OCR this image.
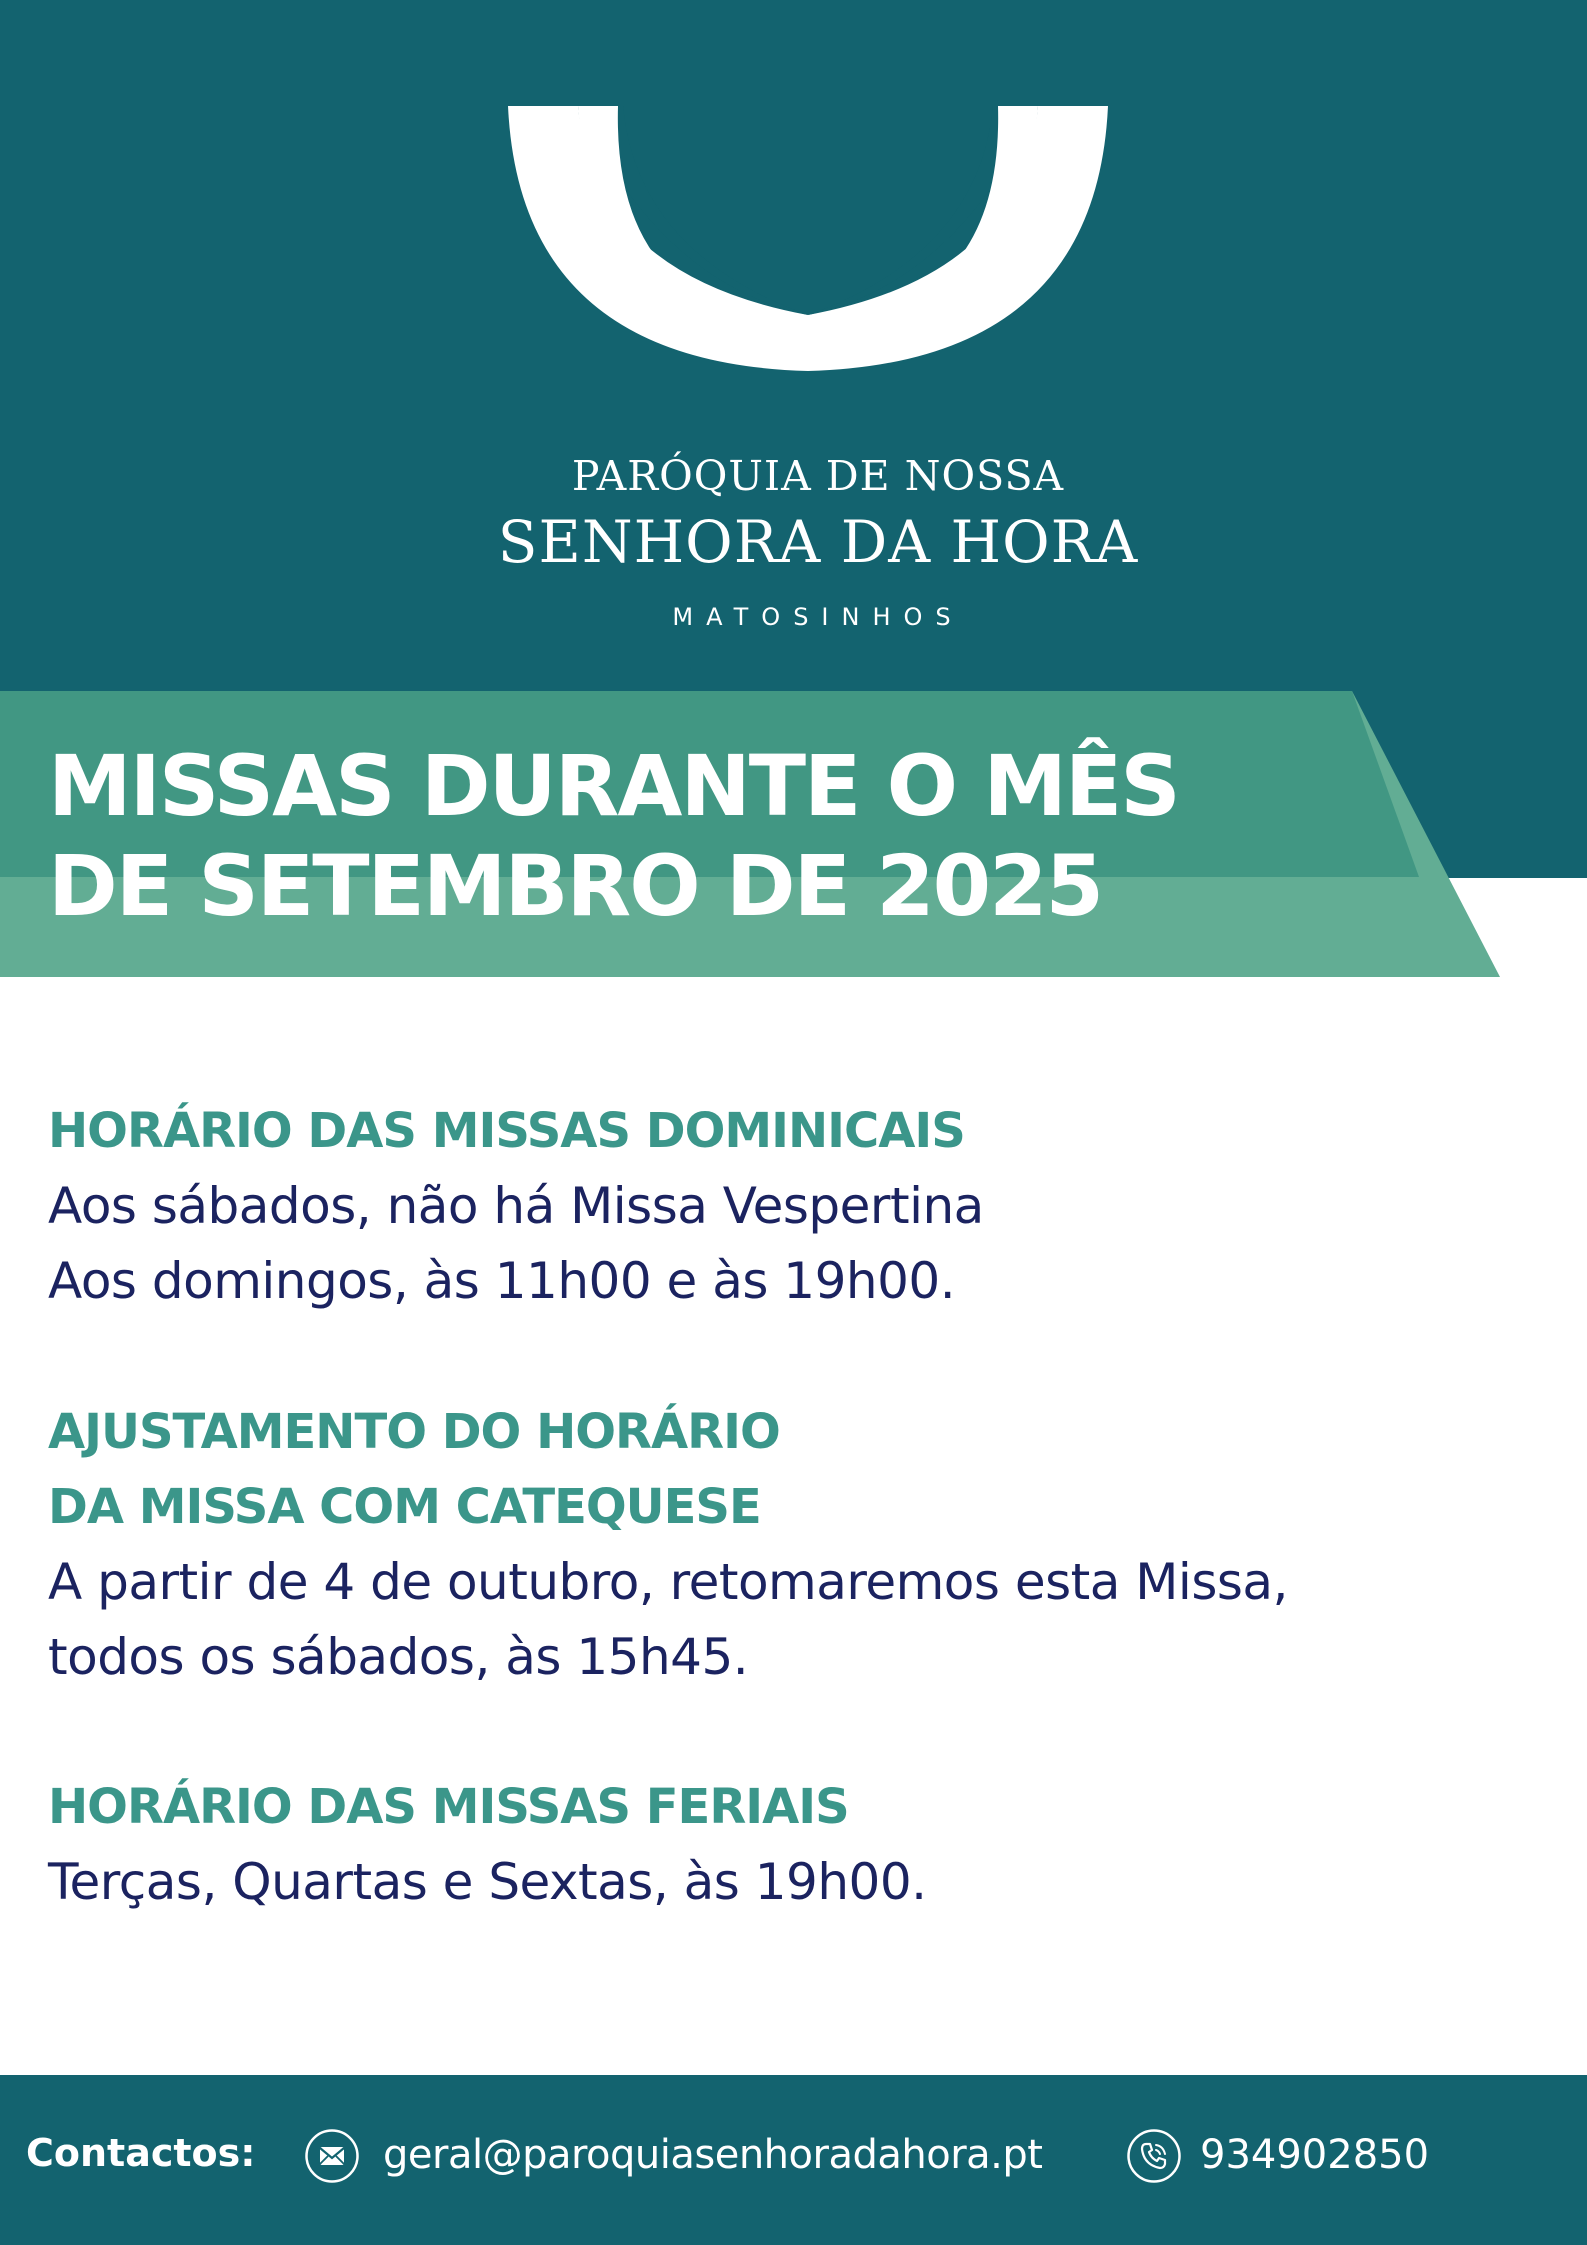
PARÓQUIA DE NOSSA
SENHORA DA HORA
MATOSINHOS
MISSAS DURANTE O MÊS
DE SETEMBRO DE 2025
HORÁRIO DAS MISSAS DOMINICAIS

Aos sábados, não há Missa Vespertina
Aos domingos, às 11h00 e às 19h00.

AJUSTAMENTO DO HORÁRIO
DA MISSA COM CATEQUESE

A partir de 4 de outubro, retomaremos esta Missa,
todos os sábados, às 15h45.

HORÁRIO DAS MISSAS FERIAIS

Terças, Quartas e Sextas, às 19h00.

Contactos:	geral@paroquiasenhoradahora.pt	934902850
